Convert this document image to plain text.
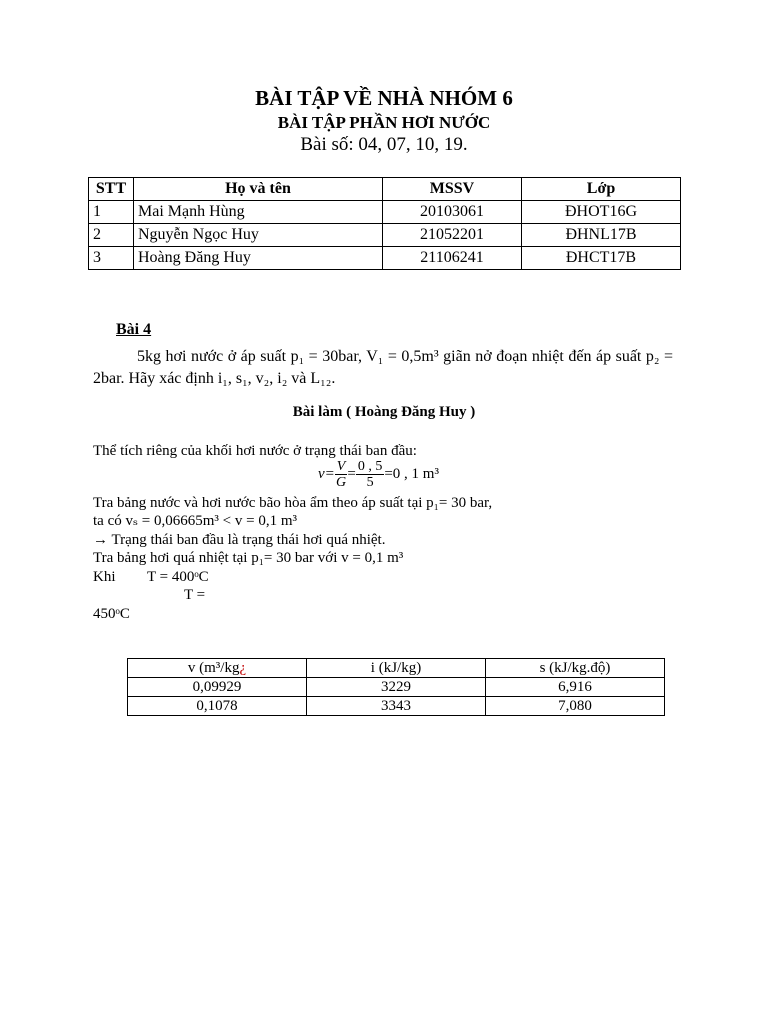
BÀI TẬP VỀ NHÀ NHÓM 6
BÀI TẬP PHẦN HƠI NƯỚC
Bài số: 04, 07, 10, 19.
STT	Họ và tên	MSSV	Lớp
1	Mai Mạnh Hùng	20103061	ĐHOT16G
2	Nguyễn Ngọc Huy	21052201	ĐHNL17B
3	Hoàng Đăng Huy	21106241	ĐHCT17B
Bài 4
5kg hơi nước ở áp suất p₁ = 30bar, V₁ = 0,5m³ giãn nở đoạn nhiệt đến áp suất p₂ = 2bar. Hãy xác định i₁, s₁, v₂, i₂ và L₁₂.
Bài làm ( Hoàng Đăng Huy )
Thể tích riêng của khối hơi nước ở trạng thái ban đầu:
$v= \frac{V}{G} = \frac{0 , 5}{5} =0$ , 1 m³
Tra bảng nước và hơi nước bão hòa ẩm theo áp suất tại p₁= 30 bar,
ta có vₛ = 0,06665m³ < v = 0,1 m³
→ Trạng thái ban đầu là trạng thái hơi quá nhiệt.
Tra bảng hơi quá nhiệt tại p₁= 30 bar với v = 0,1 m³
Khi T = 400ᵒC
T =
450ᵒC
v (m³/kg¿	i (kJ/kg)	s (kJ/kg.độ)
0,09929	3229	6,916
0,1078	3343	7,080
